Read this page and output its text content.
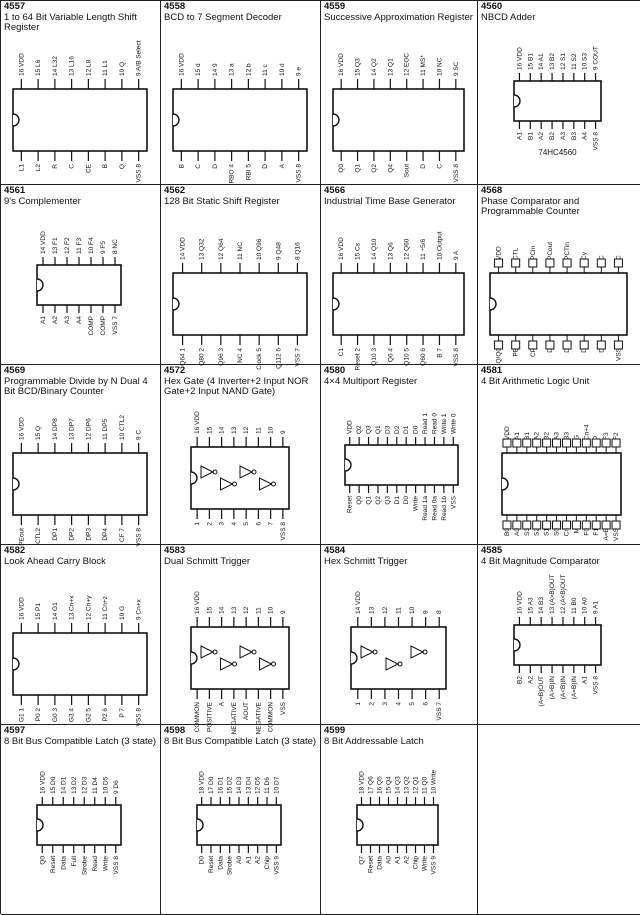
4557
1 to 64 Bit Variable Length Shift Register
16 VDD 15 L6 14 L32 13 L16 12 L8 11 L1 10 Q 9 A/B Select
L1 L2 R C CE B Q VSS 8
4558
BCD to 7 Segment Decoder
16 VDD 15 d 14 9 13 a 12 b 11 c 10 d 9 e
B C D RBO 4 RBI 5 D A VSS 8
4559
Successive Approximation Register
16 VDD 15 Q3 14 Q2 13 Q1 12 EOC 11 MS* 10 NC 9 SC
Q0 Q1 Q2 Q4 Sout D C VSS 8
4560
NBCD Adder
16 VDD 15 B1 14 A1 13 B2 12 S1 11 S2 10 S3 9 COUT
A1 B1 A2 B2 A3 B3 A4 VSS 8
74HC4560
4561
9's Complementer
14 VDD 13 F1 12 F2 11 F3 10 F4 9 F5 8 NC
A1 A2 A3 A4 COMP COMP VSS 7
4562
128 Bit Static Shift Register
14 VDD 13 Q32 12 Q64 11 NC 10 Q96 9 Q48 8 Q16
Q64 1 Q80 2 Q96 3 NC 4 Clock 5 Q112 6 VSS 7
4566
Industrial Time Base Generator
16 VDD 15 Cs 14 Q10 13 Q6 12 Q60 11 ÷5/6 10 Output 9 A
C1 Reset 2 Q10 3 Q6 4 Q10 5 Q60 6 B 7 VSS 8
4568
Phase Comparator and Programmable Counter
VDD CTL PCin PCout PCTin Cy C C
Q/Q0 PE CP D D D D VSS
4569
Programmable Divide by N Dual 4 Bit BCD/Binary Counter
16 VDD 15 Q 14 DP8 13 DP7 12 DP6 11 DP5 10 CTL2 9 C
PEout CTL2 DP1 DP2 DP3 DP4 CF 7 VSS 8
4572
Hex Gate (4 Inverter+2 Input NOR Gate+2 Input NAND Gate)
16 VDD 15 14 13 12 11 10 9
1 2 3 4 5 6 7 VSS 8
4580
4×4 Multiport Register
VDD Q2 Q3 Q1 D3 D2 D1 D0 Read 1 Read 0 Write 1 Write 0
Reset Q0 Q1 Q2 Q3 D1 D0 Write Read 1a Read 0a Read 1b VSS
4581
4 Bit Arithmetic Logic Unit
VDD A1 B1 A2 B2 A3 B3 G Cn+4 P F3 F2
B0 A0 S3 S2 S1 S0 Cn M F0 F1 A=B VSS
4582
Look Ahead Carry Block
16 VDD 15 P1 14 G1 13 Cn+x 12 Cn+y 11 Cn+z 10 G 9 Cn+x
G1 1 P0 2 G0 3 G3 4 G2 5 P2 6 P 7 VSS 8
4583
Dual Schmitt Trigger
16 VDD 15 14 13 12 11 10 9
COMMON POSITIVE A NEGATIVE AOUT NEGATIVE COMMON VSS
4584
Hex Schmitt Trigger
14 VDD 13 12 11 10 9 8
1 2 3 4 5 6 VSS 7
4585
4 Bit Magnitude Comparator
16 VDD 15 A3 14 B3 13 (A>B)OUT 12 (A<B)OUT 11 B0 10 A0 9 A1
B2 A2 (A=B)OUT (A>B)IN (A<B)IN (A=B)IN A1 VSS 8
4597
8 Bit Bus Compatible Latch (3 state)
16 VDD 15 D0 14 D1 13 D2 12 D3 11 D4 10 D5 9 D6
Q0 Reset Data Full Strobe Read Write VSS 8
4598
8 Bit Bus Compatible Latch (3 state)
18 VDD 17 D0 16 D1 15 D2 14 D3 13 D4 12 D5 11 D6 10 D7
D0 Reset Data Strobe A0 A1 A2 Chip VSS 9
4599
8 Bit Addressable Latch
18 VDD 17 Q6 16 Q5 15 Q4 14 Q3 13 Q2 12 Q1 11 Q0 10 Write
Q7 Reset Data A0 A1 A2 Chip Write VSS 9
